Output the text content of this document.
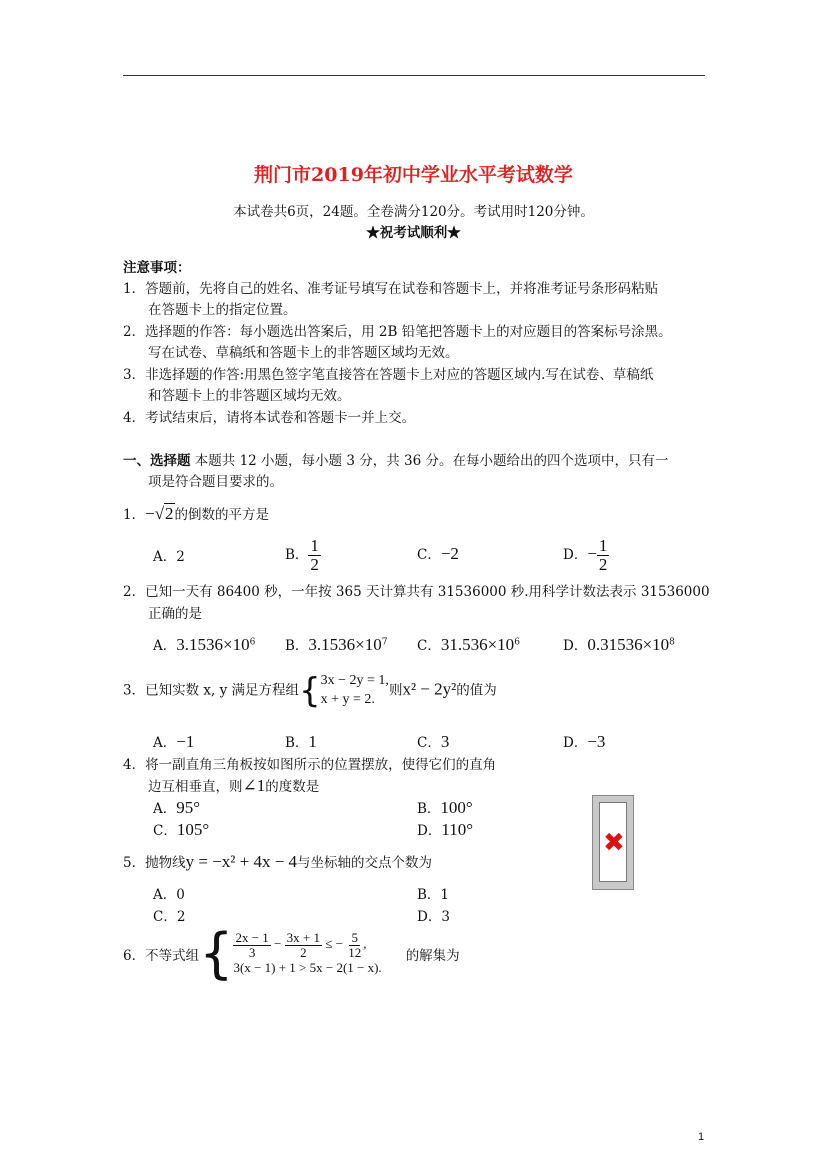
荆门市2019年初中学业水平考试数学
本试卷共6页，24题。全卷满分120分。考试用时120分钟。
★祝考试顺利★
注意事项：
1．答题前，先将自己的姓名、准考证号填写在试卷和答题卡上，并将准考证号条形码粘贴
在答题卡上的指定位置。
2．选择题的作答：每小题选出答案后，用 2B 铅笔把答题卡上的对应题目的答案标号涂黑。
写在试卷、草稿纸和答题卡上的非答题区域均无效。
3．非选择题的作答:用黑色签字笔直接答在答题卡上对应的答题区域内.写在试卷、草稿纸
和答题卡上的非答题区域均无效。
4．考试结束后，请将本试卷和答题卡一并上交。
一、选择题 本题共 12 小题，每小题 3 分，共 36 分。在每小题给出的四个选项中，只有一
项是符合题目要求的。
1．−√2的倒数的平方是
A．2	B． $\frac{1}{2}$	C．−2	D．− $\frac{1}{2}$
2．已知一天有 86400 秒，一年按 365 天计算共有 31536000 秒.用科学计数法表示 31536000
正确的是
A．$3.1536\times 10^6$ B．$3.1536\times 10^7$ C．$31.536\times 10^6$	D．$0.31536\times 10^8$
3．已知实数 x, y 满足方程组{ 3x − 2y = 1,
x + y = 2.
则x² − 2y²的值为
A．−1	B．1	C．3	D．−3
4．将一副直角三角板按如图所示的位置摆放，使得它们的直角
边互相垂直，则∠1的度数是
A．95°	B．100°
C．105°	D．110°	✖
5．抛物线y = −x² + 4x − 4与坐标轴的交点个数为
A．0	B．1
C．2	D．3
6．不等式组{ $\frac{2x - 1}{3} - \frac{3x + 1}{2}$ ≤ − $\frac{5}{12}$ ,
3(x − 1) + 1 > 5x − 2(1 − x).
的解集为
1
